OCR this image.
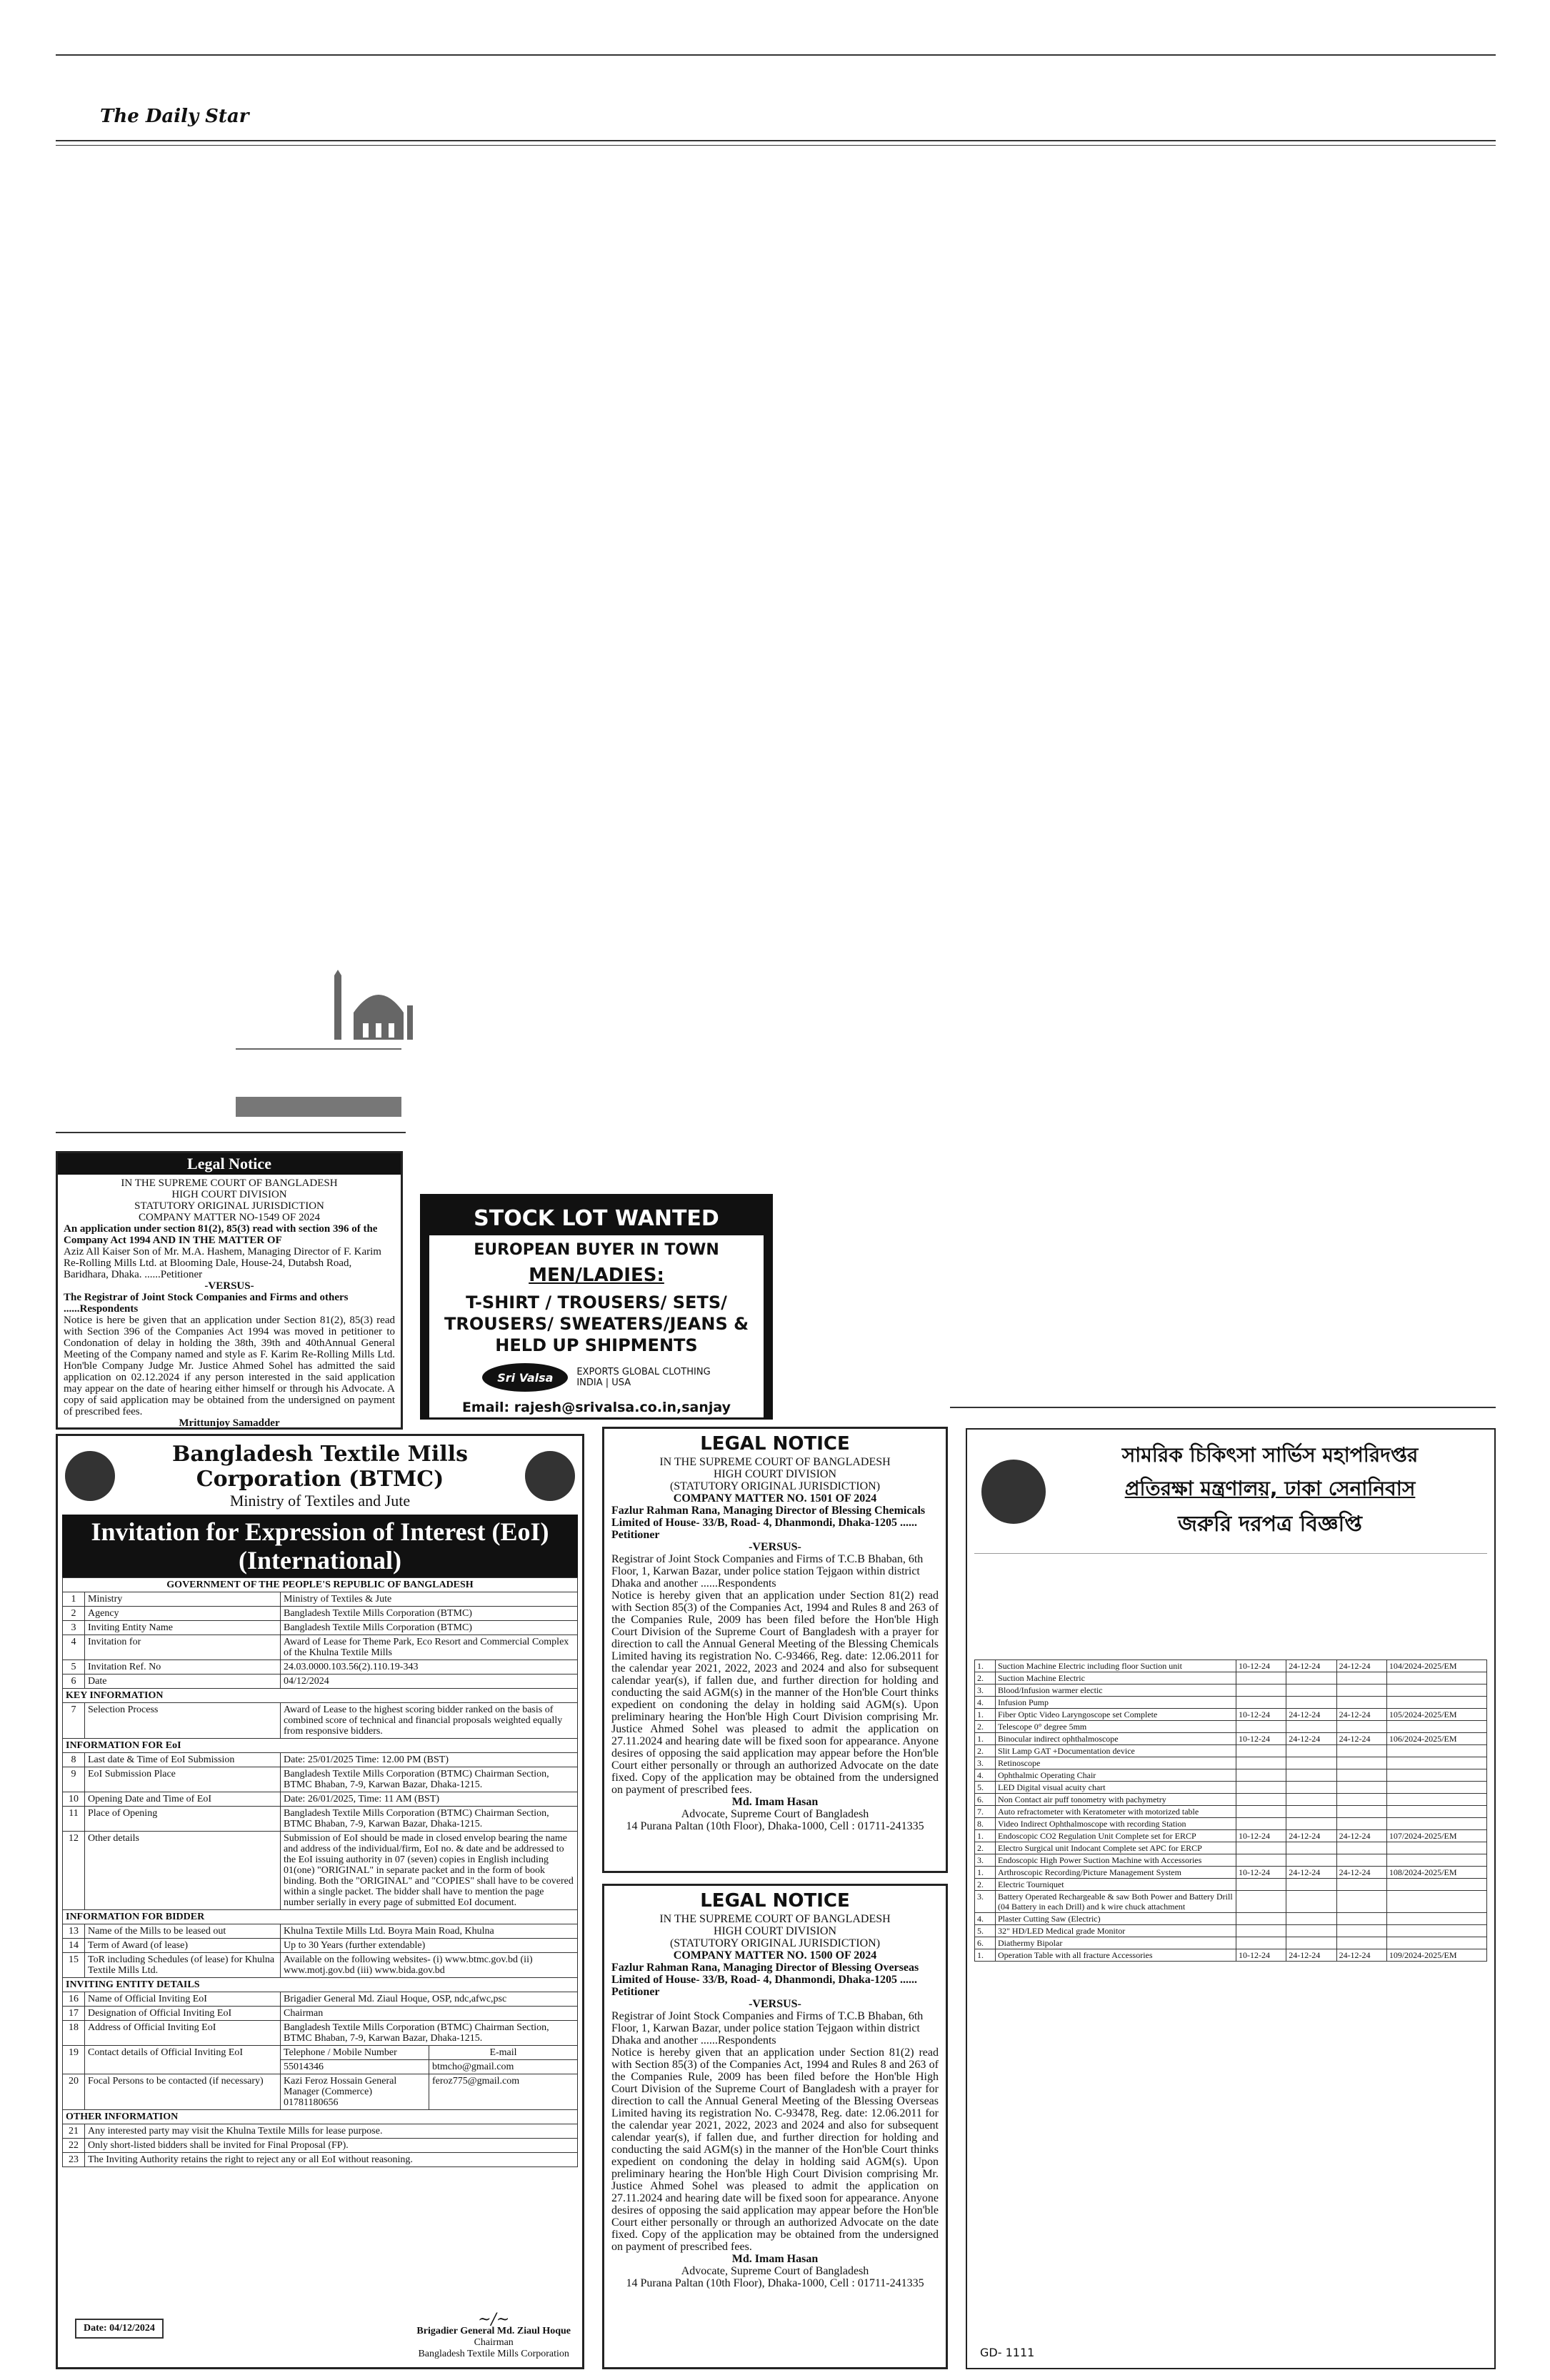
The Daily Star
Legal Notice

IN THE SUPREME COURT OF BANGLADESH

HIGH COURT DIVISION

STATUTORY ORIGINAL JURISDICTION

COMPANY MATTER NO-1549 OF 2024

An application under section 81(2), 85(3) read with section 396 of the Company Act 1994 AND IN THE MATTER OF

Aziz All Kaiser Son of Mr. M.A. Hashem, Managing Director of F. Karim Re-Rolling Mills Ltd. at Blooming Dale, House-24, Dutabsh Road, Baridhara, Dhaka. ......Petitioner

-VERSUS-

The Registrar of Joint Stock Companies and Firms and others ......Respondents

Notice is here be given that an application under Section 81(2), 85(3) read with Section 396 of the Companies Act 1994 was moved in petitioner to Condonation of delay in holding the 38th, 39th and 40thAnnual General Meeting of the Company named and style as F. Karim Re-Rolling Mills Ltd. Hon'ble Company Judge Mr. Justice Ahmed Sohel has admitted the said application on 02.12.2024 if any person interested in the said application may appear on the date of hearing either himself or through his Advocate. A copy of said application may be obtained from the undersigned on payment of prescribed fees.

Mrittunjoy Samadder

STOCK LOT WANTED
EUROPEAN BUYER IN TOWN
MEN/LADIES:
T-SHIRT / TROUSERS/ SETS/ TROUSERS/ SWEATERS/JEANS & HELD UP SHIPMENTS
Sri Valsa	EXPORTS GLOBAL CLOTHING
INDIA | USA
Email: rajesh@srivalsa.co.in,sanjay
Bangladesh Textile Mills Corporation (BTMC)
Ministry of Textiles and Jute
Invitation for Expression of Interest (EoI) (International)
GOVERNMENT OF THE PEOPLE'S REPUBLIC OF BANGLADESH		
1	Ministry	Ministry of Textiles & Jute
2	Agency	Bangladesh Textile Mills Corporation (BTMC)
3	Inviting Entity Name	Bangladesh Textile Mills Corporation (BTMC)
4	Invitation for	Award of Lease for Theme Park, Eco Resort and Commercial Complex of the Khulna Textile Mills
5	Invitation Ref. No	24.03.0000.103.56(2).110.19-343
6	Date	04/12/2024
KEY INFORMATION		
7	Selection Process	Award of Lease to the highest scoring bidder ranked on the basis of combined score of technical and financial proposals weighted equally from responsive bidders.
INFORMATION FOR EoI		
8	Last date & Time of EoI Submission	Date: 25/01/2025 Time: 12.00 PM (BST)
9	EoI Submission Place	Bangladesh Textile Mills Corporation (BTMC) Chairman Section, BTMC Bhaban, 7-9, Karwan Bazar, Dhaka-1215.
10	Opening Date and Time of EoI	Date: 26/01/2025, Time: 11 AM (BST)
11	Place of Opening	Bangladesh Textile Mills Corporation (BTMC) Chairman Section, BTMC Bhaban, 7-9, Karwan Bazar, Dhaka-1215.
12	Other details	Submission of EoI should be made in closed envelop bearing the name and address of the individual/firm, EoI no. & date and be addressed to the EoI issuing authority in 07 (seven) copies in English including 01(one) "ORIGINAL" in separate packet and in the form of book binding. Both the "ORIGINAL" and "COPIES" shall have to be covered within a single packet. The bidder shall have to mention the page number serially in every page of submitted EoI document.
INFORMATION FOR BIDDER		
13	Name of the Mills to be leased out	Khulna Textile Mills Ltd. Boyra Main Road, Khulna
14	Term of Award (of lease)	Up to 30 Years (further extendable)
15	ToR including Schedules (of lease) for Khulna Textile Mills Ltd.	Available on the following websites- (i) www.btmc.gov.bd (ii) www.motj.gov.bd (iii) www.bida.gov.bd
INVITING ENTITY DETAILS		
16	Name of Official Inviting EoI	Brigadier General Md. Ziaul Hoque, OSP, ndc,afwc,psc
17	Designation of Official Inviting EoI	Chairman
18	Address of Official Inviting EoI	Bangladesh Textile Mills Corporation (BTMC) Chairman Section, BTMC Bhaban, 7-9, Karwan Bazar, Dhaka-1215.
19	Contact details of Official Inviting EoI	Telephone / Mobile Number E-mail

		55014346 btmcho@gmail.com

20	Focal Persons to be contacted (if necessary)	Kazi Feroz Hossain General Manager (Commerce) 01781180656
feroz775@gmail.com

OTHER INFORMATION		
21	Any interested party may visit the Khulna Textile Mills for lease purpose.	
22	Only short-listed bidders shall be invited for Final Proposal (FP).	
23	The Inviting Authority retains the right to reject any or all EoI without reasoning.	
Date: 04/12/2024	~/~
Brigadier General Md. Ziaul Hoque
Chairman
Bangladesh Textile Mills Corporation
LEGAL NOTICE

IN THE SUPREME COURT OF BANGLADESH

HIGH COURT DIVISION

(STATUTORY ORIGINAL JURISDICTION)

COMPANY MATTER NO. 1501 OF 2024

Fazlur Rahman Rana, Managing Director of Blessing Chemicals Limited of House- 33/B, Road- 4, Dhanmondi, Dhaka-1205 ...... Petitioner

-VERSUS-

Registrar of Joint Stock Companies and Firms of T.C.B Bhaban, 6th Floor, 1, Karwan Bazar, under police station Tejgaon within district Dhaka and another ......Respondents

Notice is hereby given that an application under Section 81(2) read with Section 85(3) of the Companies Act, 1994 and Rules 8 and 263 of the Companies Rule, 2009 has been filed before the Hon'ble High Court Division of the Supreme Court of Bangladesh with a prayer for direction to call the Annual General Meeting of the Blessing Chemicals Limited having its registration No. C-93466, Reg. date: 12.06.2011 for the calendar year 2021, 2022, 2023 and 2024 and also for subsequent calendar year(s), if fallen due, and further direction for holding and conducting the said AGM(s) in the manner of the Hon'ble Court thinks expedient on condoning the delay in holding said AGM(s). Upon preliminary hearing the Hon'ble High Court Division comprising Mr. Justice Ahmed Sohel was pleased to admit the application on 27.11.2024 and hearing date will be fixed soon for appearance. Anyone desires of opposing the said application may appear before the Hon'ble Court either personally or through an authorized Advocate on the date fixed. Copy of the application may be obtained from the undersigned on payment of prescribed fees.

Md. Imam Hasan

Advocate, Supreme Court of Bangladesh

14 Purana Paltan (10th Floor), Dhaka-1000, Cell : 01711-241335

LEGAL NOTICE

IN THE SUPREME COURT OF BANGLADESH

HIGH COURT DIVISION

(STATUTORY ORIGINAL JURISDICTION)

COMPANY MATTER NO. 1500 OF 2024

Fazlur Rahman Rana, Managing Director of Blessing Overseas Limited of House- 33/B, Road- 4, Dhanmondi, Dhaka-1205 ...... Petitioner

-VERSUS-

Registrar of Joint Stock Companies and Firms of T.C.B Bhaban, 6th Floor, 1, Karwan Bazar, under police station Tejgaon within district Dhaka and another ......Respondents

Notice is hereby given that an application under Section 81(2) read with Section 85(3) of the Companies Act, 1994 and Rules 8 and 263 of the Companies Rule, 2009 has been filed before the Hon'ble High Court Division of the Supreme Court of Bangladesh with a prayer for direction to call the Annual General Meeting of the Blessing Overseas Limited having its registration No. C-93478, Reg. date: 12.06.2011 for the calendar year 2021, 2022, 2023 and 2024 and also for subsequent calendar year(s), if fallen due, and further direction for holding and conducting the said AGM(s) in the manner of the Hon'ble Court thinks expedient on condoning the delay in holding said AGM(s). Upon preliminary hearing the Hon'ble High Court Division comprising Mr. Justice Ahmed Sohel was pleased to admit the application on 27.11.2024 and hearing date will be fixed soon for appearance. Anyone desires of opposing the said application may appear before the Hon'ble Court either personally or through an authorized Advocate on the date fixed. Copy of the application may be obtained from the undersigned on payment of prescribed fees.

Md. Imam Hasan

Advocate, Supreme Court of Bangladesh

14 Purana Paltan (10th Floor), Dhaka-1000, Cell : 01711-241335

সামরিক চিকিৎসা সার্ভিস মহাপরিদপ্তর
প্রতিরক্ষা মন্ত্রণালয়, ঢাকা সেনানিবাস
জরুরি দরপত্র বিজ্ঞপ্তি
1.	Suction Machine Electric including floor Suction unit	10-12-24	24-12-24	24-12-24	104/2024-2025/EM
2.	Suction Machine Electric				
3.	Blood/Infusion warmer electic				
4.	Infusion Pump				
1.	Fiber Optic Video Laryngoscope set Complete	10-12-24	24-12-24	24-12-24	105/2024-2025/EM
2.	Telescope 0° degree 5mm				
1.	Binocular indirect ophthalmoscope	10-12-24	24-12-24	24-12-24	106/2024-2025/EM
2.	Slit Lamp GAT +Documentation device				
3.	Retinoscope				
4.	Ophthalmic Operating Chair				
5.	LED Digital visual acuity chart				
6.	Non Contact air puff tonometry with pachymetry				
7.	Auto refractometer with Keratometer with motorized table				
8.	Video Indirect Ophthalmoscope with recording Station				
1.	Endoscopic CO2 Regulation Unit Complete set for ERCP	10-12-24	24-12-24	24-12-24	107/2024-2025/EM
2.	Electro Surgical unit Indocant Complete set APC for ERCP				
3.	Endoscopic High Power Suction Machine with Accessories				
1.	Arthroscopic Recording/Picture Management System	10-12-24	24-12-24	24-12-24	108/2024-2025/EM
2.	Electric Tourniquet				
3.	Battery Operated Rechargeable & saw Both Power and Battery Drill (04 Battery in each Drill) and k wire chuck attachment				
4.	Plaster Cutting Saw (Electric)				
5.	32" HD/LED Medical grade Monitor				
6.	Diathermy Bipolar				
1.	Operation Table with all fracture Accessories	10-12-24	24-12-24	24-12-24	109/2024-2025/EM
GD- 1111
